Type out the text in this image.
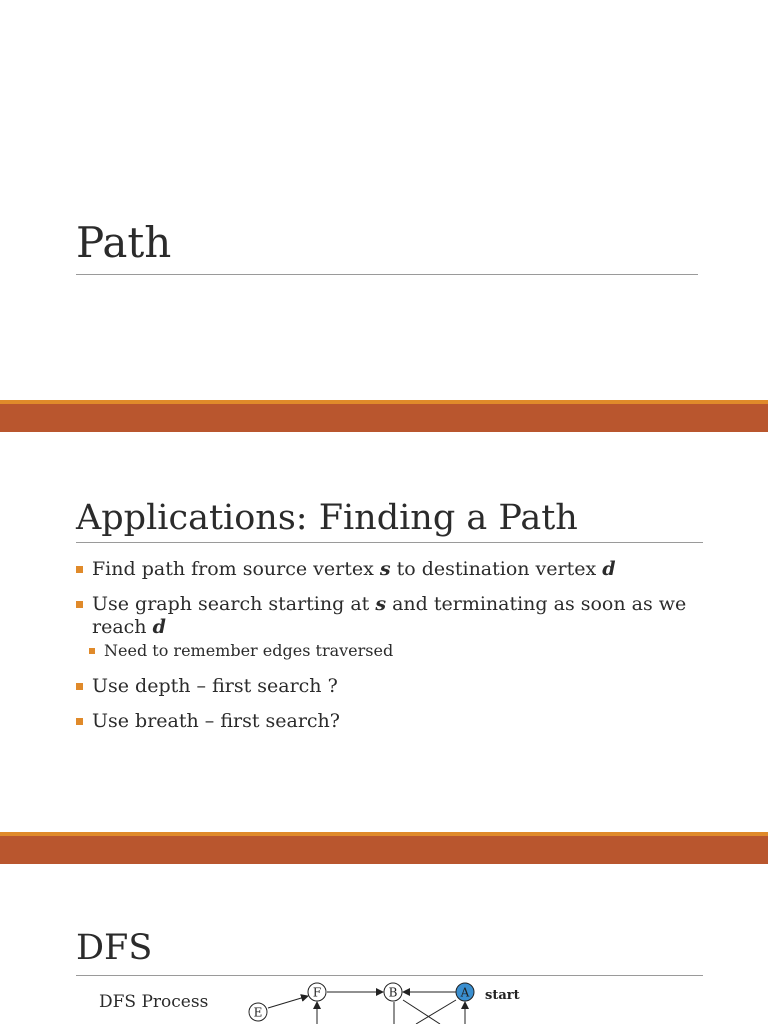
Path
Applications: Finding a Path
Find path from source vertex s to destination vertex d
Use graph search starting at s and terminating as soon as we reach d
Need to remember edges traversed
Use depth – first search ?
Use breath – first search?
DFS
DFS Process
E
F	B	A start
